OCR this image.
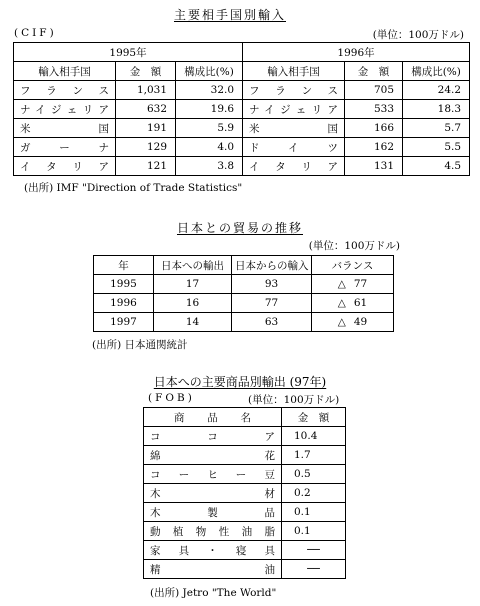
主要相手国別輸入
(CIF)	(単位：100万ドル)
1995年			1996年		
輸入相手国	金　額	構成比(%)	輸入相手国	金　額	構成比(%)
フランス	1,031	32.0	フランス	705	24.2
ナイジェリア	632	19.6	ナイジェリア	533	18.3
米国	191	5.9	米国	166	5.7
ガーナ	129	4.0	ドイツ	162	5.5
イタリア	121	3.8	イタリア	131	4.5
(出所) IMF "Direction of Trade Statistics"
日本との貿易の推移
(単位：100万ドル)
年	日本への輸出	日本からの輸入	バランス
1995	17	93	△ 77
1996	16	77	△ 61
1997	14	63	△ 49
(出所) 日本通関統計
日本への主要商品別輸出 (97年)
(FOB)	(単位：100万ドル)
商品名	金　額
ココア	10.4
綿花	1.7
コーヒー豆	0.5
木材	0.2
木製品	0.1
動植物性油脂	0.1
家具・寝具	──
精油	──
(出所) Jetro "The World"
